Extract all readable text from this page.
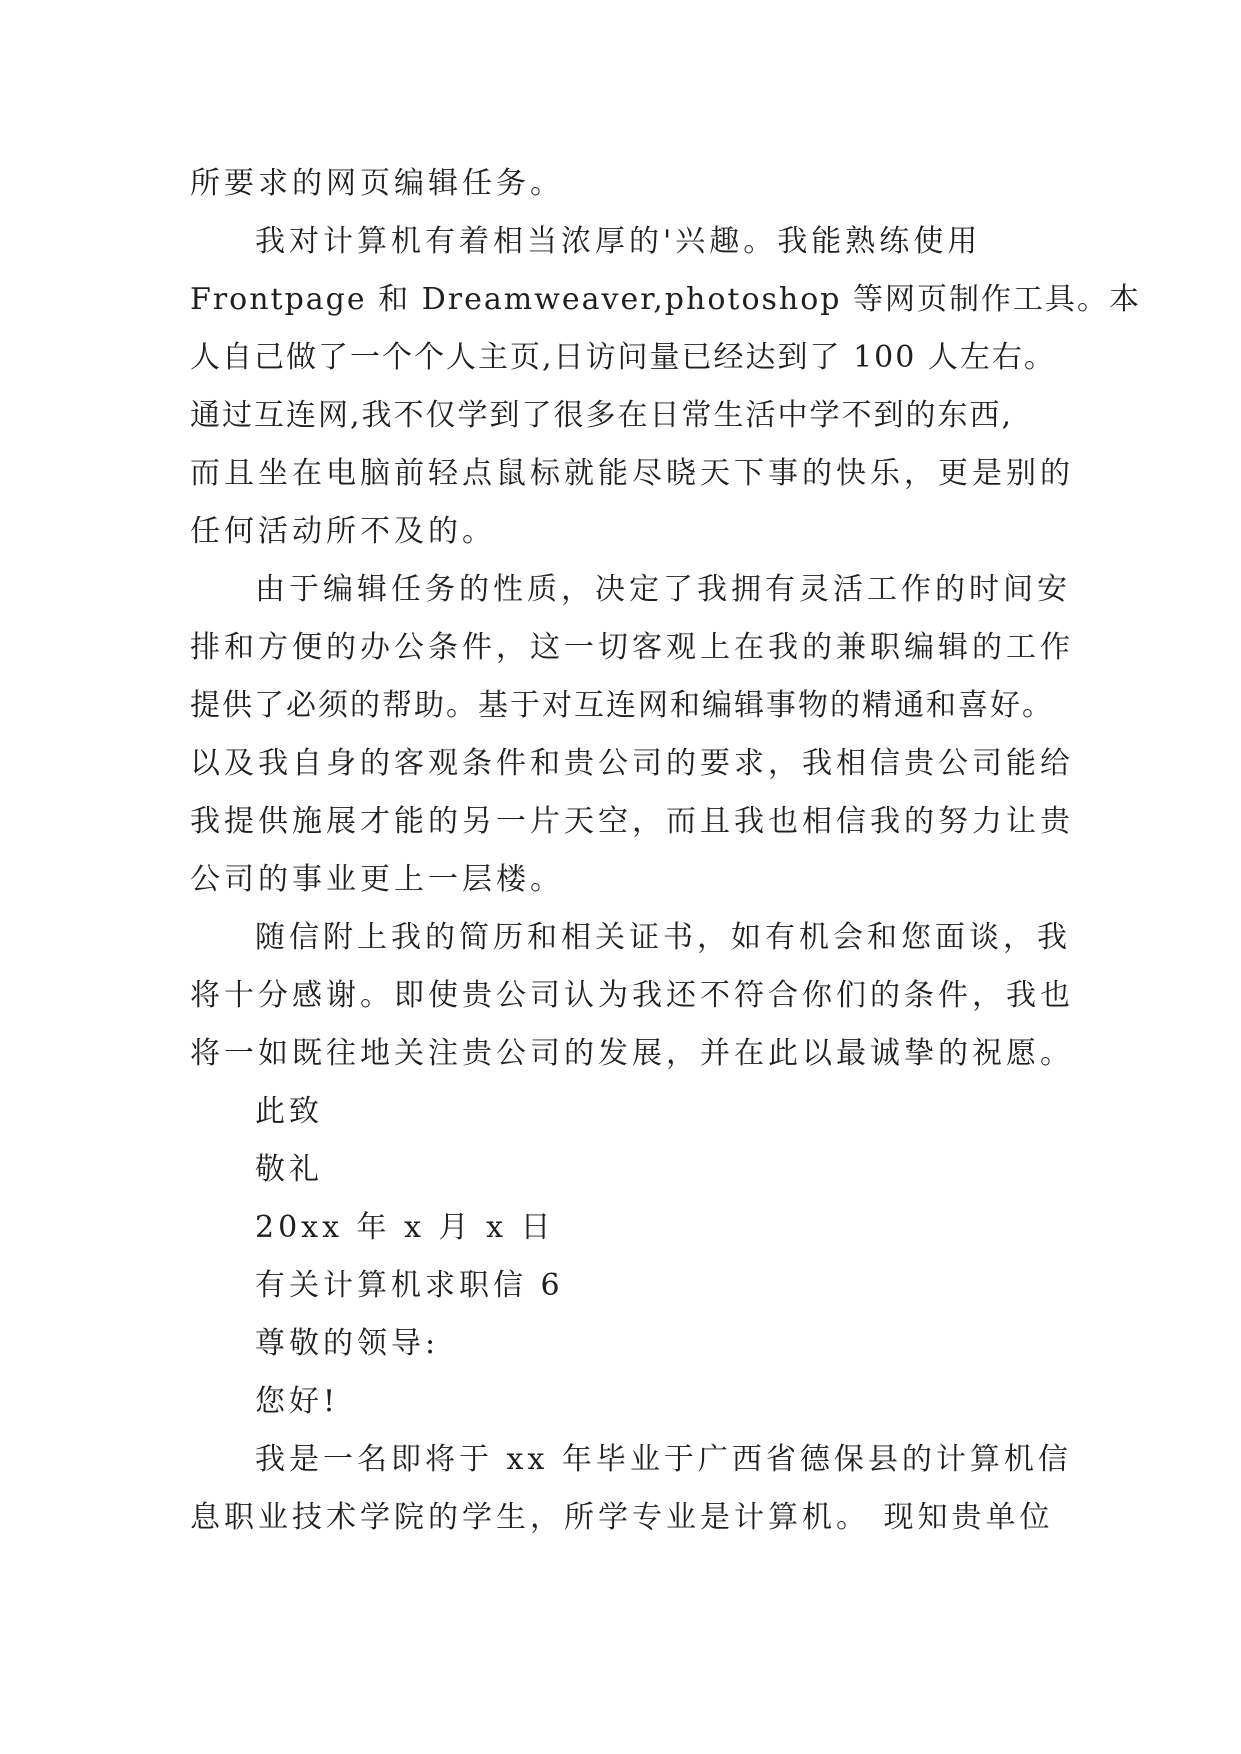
所要求的网页编辑任务。
我对计算机有着相当浓厚的'兴趣。我能熟练使用
Frontpage 和 Dreamweaver,photoshop 等网页制作工具。本
人自己做了一个个人主页,日访问量已经达到了 100 人左右。
通过互连网,我不仅学到了很多在日常生活中学不到的东西,
而且坐在电脑前轻点鼠标就能尽晓天下事的快乐，更是别的
任何活动所不及的。
由于编辑任务的性质，决定了我拥有灵活工作的时间安
排和方便的办公条件，这一切客观上在我的兼职编辑的工作
提供了必须的帮助。基于对互连网和编辑事物的精通和喜好。
以及我自身的客观条件和贵公司的要求，我相信贵公司能给
我提供施展才能的另一片天空，而且我也相信我的努力让贵
公司的事业更上一层楼。
随信附上我的简历和相关证书，如有机会和您面谈，我
将十分感谢。即使贵公司认为我还不符合你们的条件，我也
将一如既往地关注贵公司的发展，并在此以最诚挚的祝愿。
此致
敬礼
20xx 年 x 月 x 日
有关计算机求职信 6
尊敬的领导:
您好!
我是一名即将于 xx 年毕业于广西省德保县的计算机信
息职业技术学院的学生，所学专业是计算机。 现知贵单位
